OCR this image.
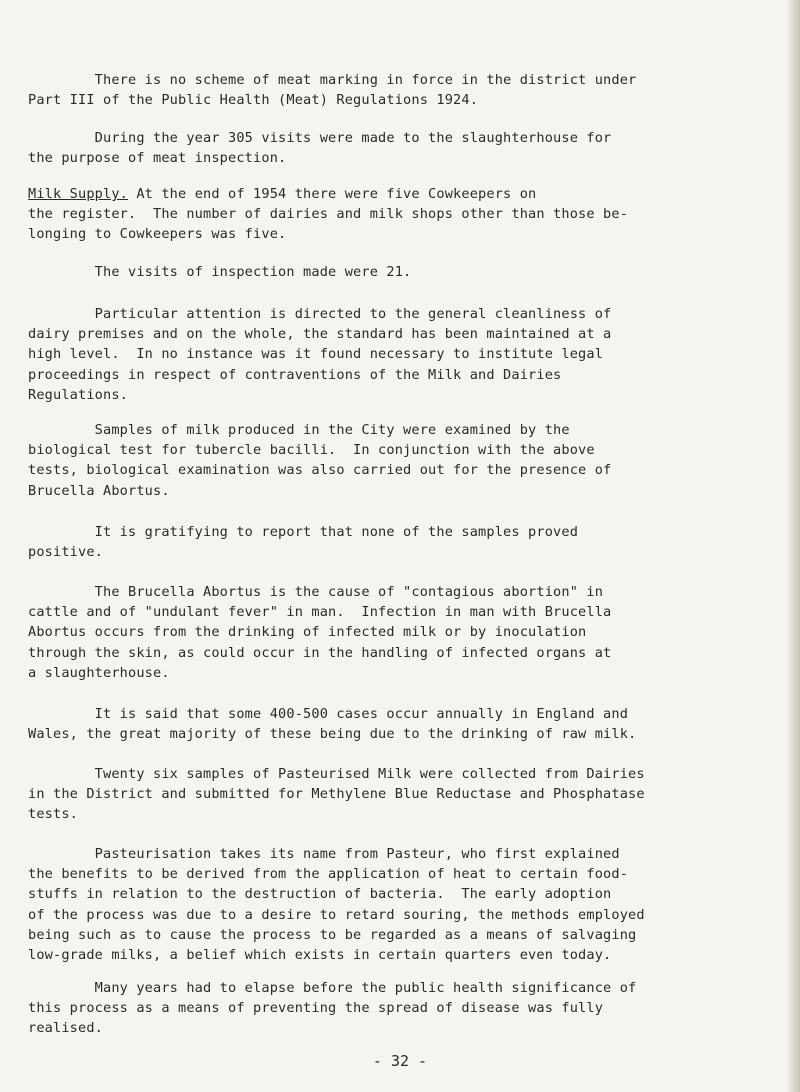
There is no scheme of meat marking in force in the district under
Part III of the Public Health (Meat) Regulations 1924.

During the year 305 visits were made to the slaughterhouse for
the purpose of meat inspection.

Milk Supply. At the end of 1954 there were five Cowkeepers on
the register.  The number of dairies and milk shops other than those be-
longing to Cowkeepers was five.

The visits of inspection made were 21.

Particular attention is directed to the general cleanliness of
dairy premises and on the whole, the standard has been maintained at a
high level.  In no instance was it found necessary to institute legal
proceedings in respect of contraventions of the Milk and Dairies
Regulations.

Samples of milk produced in the City were examined by the
biological test for tubercle bacilli.  In conjunction with the above
tests, biological examination was also carried out for the presence of
Brucella Abortus.

It is gratifying to report that none of the samples proved
positive.

The Brucella Abortus is the cause of "contagious abortion" in
cattle and of "undulant fever" in man.  Infection in man with Brucella
Abortus occurs from the drinking of infected milk or by inoculation
through the skin, as could occur in the handling of infected organs at
a slaughterhouse.

It is said that some 400-500 cases occur annually in England and
Wales, the great majority of these being due to the drinking of raw milk.

Twenty six samples of Pasteurised Milk were collected from Dairies
in the District and submitted for Methylene Blue Reductase and Phosphatase
tests.

Pasteurisation takes its name from Pasteur, who first explained
the benefits to be derived from the application of heat to certain food-
stuffs in relation to the destruction of bacteria.  The early adoption
of the process was due to a desire to retard souring, the methods employed
being such as to cause the process to be regarded as a means of salvaging
low-grade milks, a belief which exists in certain quarters even today.

- 32 -

Many years had to elapse before the public health significance of
this process as a means of preventing the spread of disease was fully
realised.
